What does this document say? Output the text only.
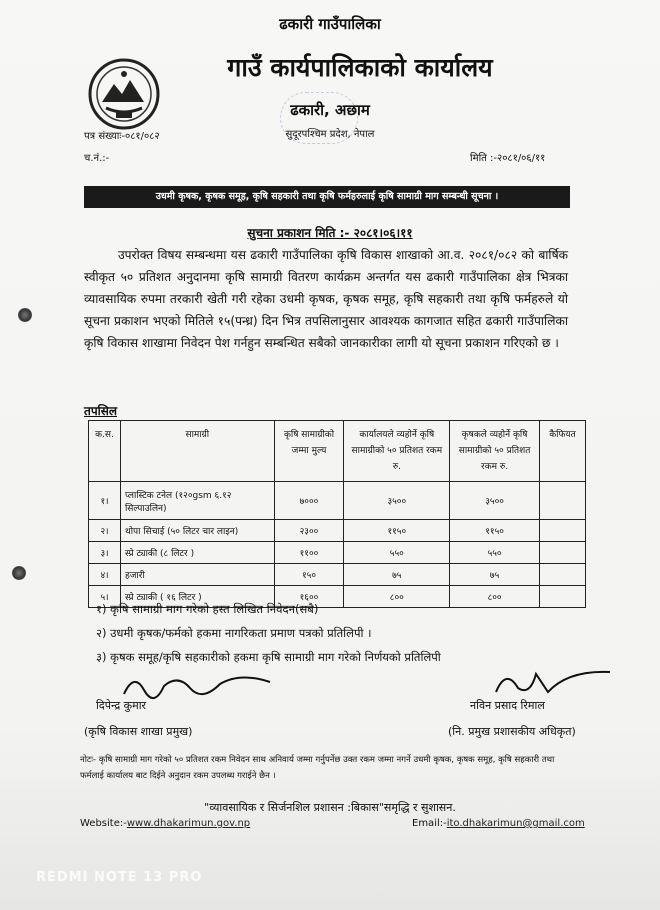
ढकारी गाउँपालिका
गाउँ कार्यपालिकाको कार्यालय
ढकारी, अछाम
सुदूरपश्चिम प्रदेश, नेपाल
पत्र संख्याः-०८१/०८२
च.नं.:-	मिति :-२०८१/०६/११
उधमी कृषक, कृषक समूह, कृषि सहकारी तथा कृषि फर्महरुलाई कृषि सामाग्री माग सम्बन्धी सूचना ।
सुचना प्रकाशन मिति :- २०८१।०६।११
उपरोक्त विषय सम्बन्धमा यस ढकारी गाउँपालिका कृषि विकास शाखाको आ.व. २०८१/०८२ को बार्षिक स्वीकृत ५० प्रतिशत अनुदानमा कृषि सामाग्री वितरण कार्यक्रम अन्तर्गत यस ढकारी गाउँपालिका क्षेत्र भित्रका व्यावसायिक रुपमा तरकारी खेती गरी रहेका उधमी कृषक, कृषक समूह, कृषि सहकारी तथा कृषि फर्महरुले यो सूचना प्रकाशन भएको मितिले १५(पन्ध्र) दिन भित्र तपसिलानुसार आवश्यक कागजात सहित ढकारी गाउँपालिका कृषि विकास शाखामा निवेदन पेश गर्नहुन सम्बन्धित सबैको जानकारीका लागी यो सूचना प्रकाशन गरिएको छ ।
तपसिल
क.स.	सामाग्री	कृषि सामाग्रीको जम्मा मुल्य	कार्यालयले व्यहोर्ने कृषि सामाग्रीको ५० प्रतिशत रकम रु.	कृषकले व्यहोर्ने कृषि सामाग्रीको ५० प्रतिशत रकम रु.	कैफियत
१।	प्लास्टिक टनेल (१२०gsm ६.१२ सिल्पाउलिन)	७०००	३५००	३५००	
२।	थोपा सिचाई (५० लिटर चार लाइन)	२३००	११५०	११५०	
३।	स्प्रे ट्याकी (८ लिटर )	११००	५५०	५५०	
४।	हजारी	१५०	७५	७५	
५।	स्प्रे ट्याकी ( १६ लिटर )	१६००	८००	८००	
१) कृषि सामाग्री माग गरेको हस्त लिखित निवेदन(सबै)
२) उधमी कृषक/फर्मको हकमा नागरिकता प्रमाण पत्रको प्रतिलिपी ।
३) कृषक समूह/कृषि सहकारीको हकमा कृषि सामाग्री माग गरेको निर्णयको प्रतिलिपी
दिपेन्द्र कुमार
(कृषि विकास शाखा प्रमुख)
नविन प्रसाद रिमाल
(नि. प्रमुख प्रशासकीय अधिकृत)
नोटः- कृषि सामाग्री माग गरेको ५० प्रतिशत रकम निवेदन साथ अनिवार्य जम्मा गर्नुपर्नेछ उक्त रकम जम्मा नगर्ने उधमी कृषक, कृषक समूह, कृषि सहकारी तथा फर्मलाई कार्यालय बाट दिईने अनुदान रकम उपलब्ध गराईने छैन ।
"व्यावसायिक र सिर्जनशिल प्रशासन :बिकास"समृद्धि र सुशासन.
Website:-www.dhakarimun.gov.np	Email:-ito.dhakarimun@gmail.com
REDMI NOTE 13 PRO
